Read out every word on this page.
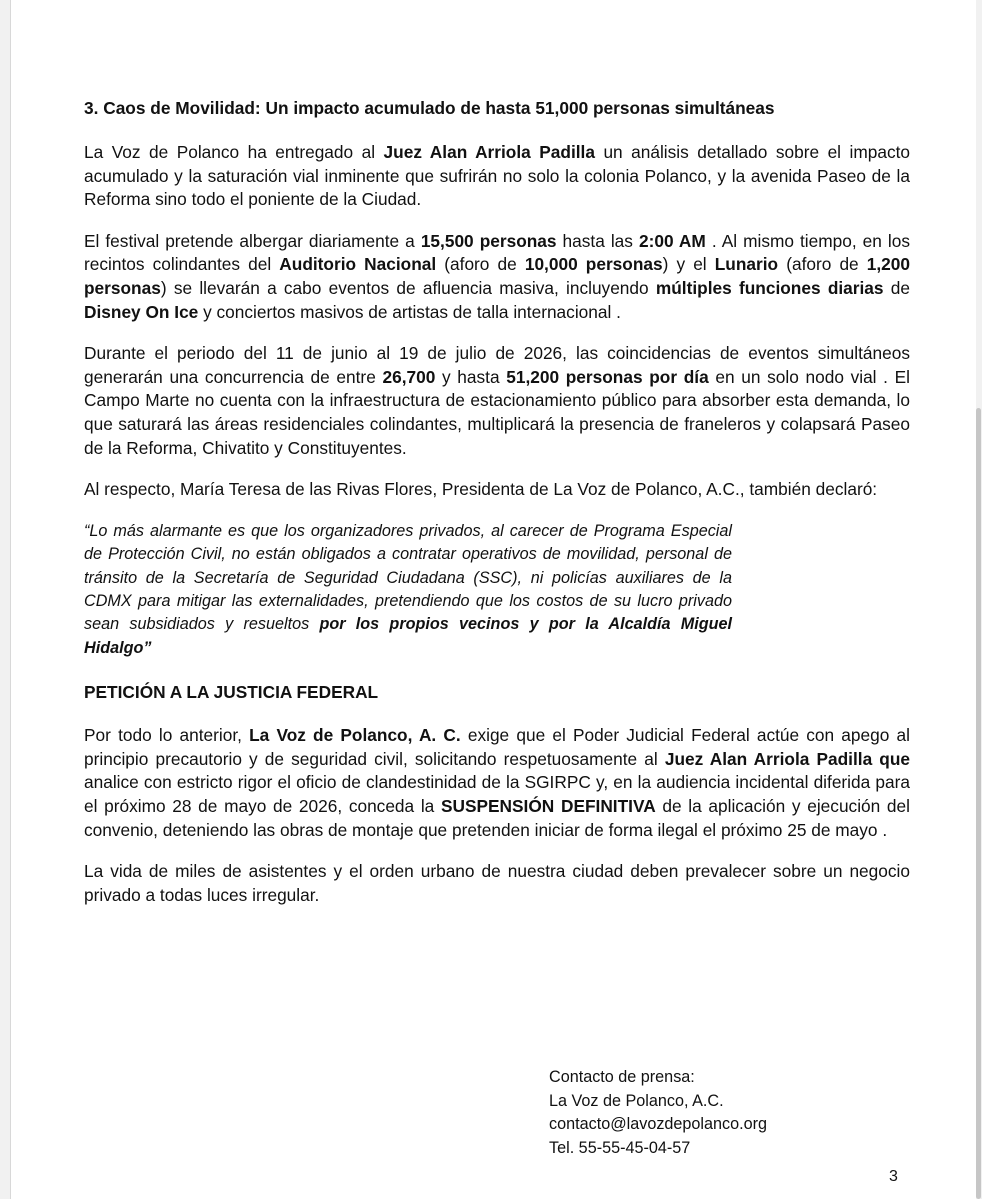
3. Caos de Movilidad: Un impacto acumulado de hasta 51,000 personas simultáneas

La Voz de Polanco ha entregado al Juez Alan Arriola Padilla un análisis detallado sobre el impacto acumulado y la saturación vial inminente que sufrirán no solo la colonia Polanco, y la avenida Paseo de la Reforma sino todo el poniente de la Ciudad.

El festival pretende albergar diariamente a 15,500 personas hasta las 2:00 AM . Al mismo tiempo, en los recintos colindantes del Auditorio Nacional (aforo de 10,000 personas) y el Lunario (aforo de 1,200 personas) se llevarán a cabo eventos de afluencia masiva, incluyendo múltiples funciones diarias de Disney On Ice y conciertos masivos de artistas de talla internacional .

Durante el periodo del 11 de junio al 19 de julio de 2026, las coincidencias de eventos simultáneos generarán una concurrencia de entre 26,700 y hasta 51,200 personas por día en un solo nodo vial . El Campo Marte no cuenta con la infraestructura de estacionamiento público para absorber esta demanda, lo que saturará las áreas residenciales colindantes, multiplicará la presencia de franeleros y colapsará Paseo de la Reforma, Chivatito y Constituyentes.

Al respecto, María Teresa de las Rivas Flores, Presidenta de La Voz de Polanco, A.C., también declaró:

“Lo más alarmante es que los organizadores privados, al carecer de Programa Especial de Protección Civil, no están obligados a contratar operativos de movilidad, personal de tránsito de la Secretaría de Seguridad Ciudadana (SSC), ni policías auxiliares de la CDMX para mitigar las externalidades, pretendiendo que los costos de su lucro privado sean subsidiados y resueltos por los propios vecinos y por la Alcaldía Miguel Hidalgo”

PETICIÓN A LA JUSTICIA FEDERAL

Por todo lo anterior, La Voz de Polanco, A. C. exige que el Poder Judicial Federal actúe con apego al principio precautorio y de seguridad civil, solicitando respetuosamente al Juez Alan Arriola Padilla que analice con estricto rigor el oficio de clandestinidad de la SGIRPC y, en la audiencia incidental diferida para el próximo 28 de mayo de 2026, conceda la SUSPENSIÓN DEFINITIVA de la aplicación y ejecución del convenio, deteniendo las obras de montaje que pretenden iniciar de forma ilegal el próximo 25 de mayo .

La vida de miles de asistentes y el orden urbano de nuestra ciudad deben prevalecer sobre un negocio privado a todas luces irregular.

Contacto de prensa:
La Voz de Polanco, A.C.
contacto@lavozdepolanco.org
Tel. 55-55-45-04-57
3
